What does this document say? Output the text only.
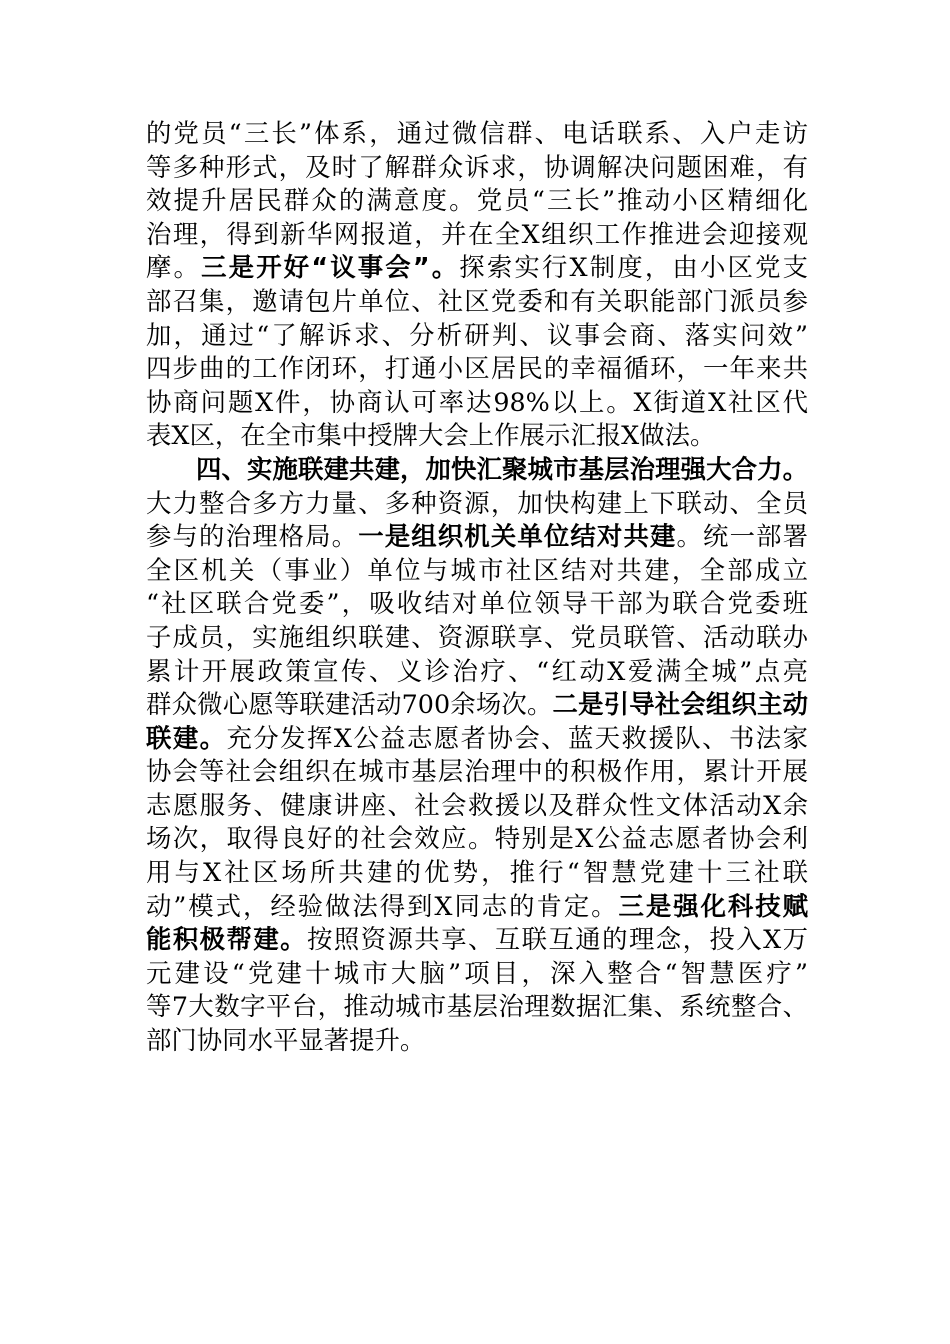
的党员“三长”体系，通过微信群、电话联系、入户走访
等多种形式，及时了解群众诉求，协调解决问题困难，有
效提升居民群众的满意度。党员“三长”推动小区精细化
治理，得到新华网报道，并在全X组织工作推进会迎接观
摩。三是开好“议事会”。探索实行X制度，由小区党支
部召集，邀请包片单位、社区党委和有关职能部门派员参
加，通过“了解诉求、分析研判、议事会商、落实问效”
四步曲的工作闭环，打通小区居民的幸福循环，一年来共
协商问题X件，协商认可率达98%以上。X街道X社区代
表X区，在全市集中授牌大会上作展示汇报X做法。
四、实施联建共建，加快汇聚城市基层治理强大合力。
大力整合多方力量、多种资源，加快构建上下联动、全员
参与的治理格局。一是组织机关单位结对共建。统一部署
全区机关（事业）单位与城市社区结对共建，全部成立
“社区联合党委”，吸收结对单位领导干部为联合党委班
子成员，实施组织联建、资源联享、党员联管、活动联办
累计开展政策宣传、义诊治疗、“红动X爱满全城”点亮
群众微心愿等联建活动700余场次。二是引导社会组织主动
联建。充分发挥X公益志愿者协会、蓝天救援队、书法家
协会等社会组织在城市基层治理中的积极作用，累计开展
志愿服务、健康讲座、社会救援以及群众性文体活动X余
场次，取得良好的社会效应。特别是X公益志愿者协会利
用与X社区场所共建的优势，推行“智慧党建十三社联
动”模式，经验做法得到X同志的肯定。三是强化科技赋
能积极帮建。按照资源共享、互联互通的理念，投入X万
元建设“党建十城市大脑”项目，深入整合“智慧医疗”
等7大数字平台，推动城市基层治理数据汇集、系统整合、
部门协同水平显著提升。
